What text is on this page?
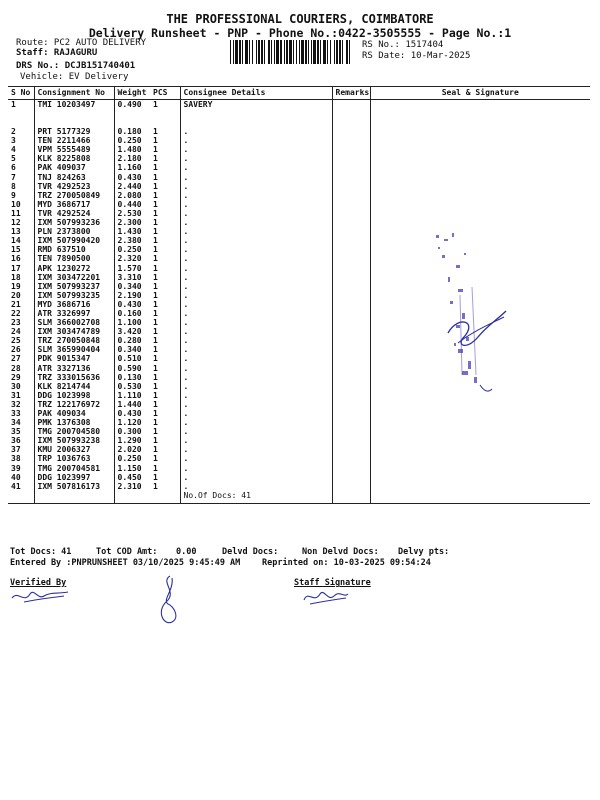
THE PROFESSIONAL COURIERS, COIMBATORE
Delivery Runsheet - PNP - Phone No.:0422-3505555 - Page No.:1
Route: PC2 AUTO DELIVERY
Staff: RAJAGURU
DRS No.: DCJB151740401
Vehicle: EV Delivery
RS No.: 1517404
RS Date: 10-Mar-2025
S No	Consignment No	Weight	PCS	Consignee Details	Remarks	Seal & Signature
1	TMI 10203497	0.490	1	SAVERY		

2	PRT 5177329	0.180	1	.		
3	TEN 2211466	0.250	1	.		
4	VPM 5555489	1.480	1	.		
5	KLK 8225808	2.180	1	.		
6	PAK 409037	1.160	1	.		
7	TNJ 824263	0.430	1	.		
8	TVR 4292523	2.440	1	.		
9	TRZ 270050849	2.080	1	.		
10	MYD 3686717	0.440	1	.		
11	TVR 4292524	2.530	1	.		
12	IXM 507993236	2.300	1	.		
13	PLN 2373800	1.430	1	.		
14	IXM 507990420	2.380	1	.		
15	RMD 637510	0.250	1	.		
16	TEN 7890500	2.320	1	.		
17	APK 1230272	1.570	1	.		
18	IXM 303472201	3.310	1	.		
19	IXM 507993237	0.340	1	.		
20	IXM 507993235	2.190	1	.		
21	MYD 3686716	0.430	1	.		
22	ATR 3326997	0.160	1	.		
23	SLM 366002708	1.100	1	.		
24	IXM 303474789	3.420	1	.		
25	TRZ 270050848	0.280	1	.		
26	SLM 365990404	0.340	1	.		
27	PDK 9015347	0.510	1	.		
28	ATR 3327136	0.590	1	.		
29	TRZ 333015636	0.130	1	.		
30	KLK 8214744	0.530	1	.		
31	DDG 1023998	1.110	1	.		
32	TRZ 122176972	1.440	1	.		
33	PAK 409034	0.430	1	.		
34	PMK 1376308	1.120	1	.		
35	TMG 200704580	0.300	1	.		
36	IXM 507993238	1.290	1	.		
37	KMU 2006327	2.020	1	.		
38	TRP 1036763	0.250	1	.		
39	TMG 200704581	1.150	1	.		
40	DDG 1023997	0.450	1	.		
41	IXM 507816173	2.310	1	.		
				No.Of Docs: 41		
Tot Docs: 41	Tot COD Amt: 0.00	Delvd Docs:	Non Delvd Docs: Delvy pts:
Entered By :PNPRUNSHEET 03/10/2025 9:45:49 AM	Reprinted on: 10-03-2025 09:54:24
Verified By	Staff Signature
